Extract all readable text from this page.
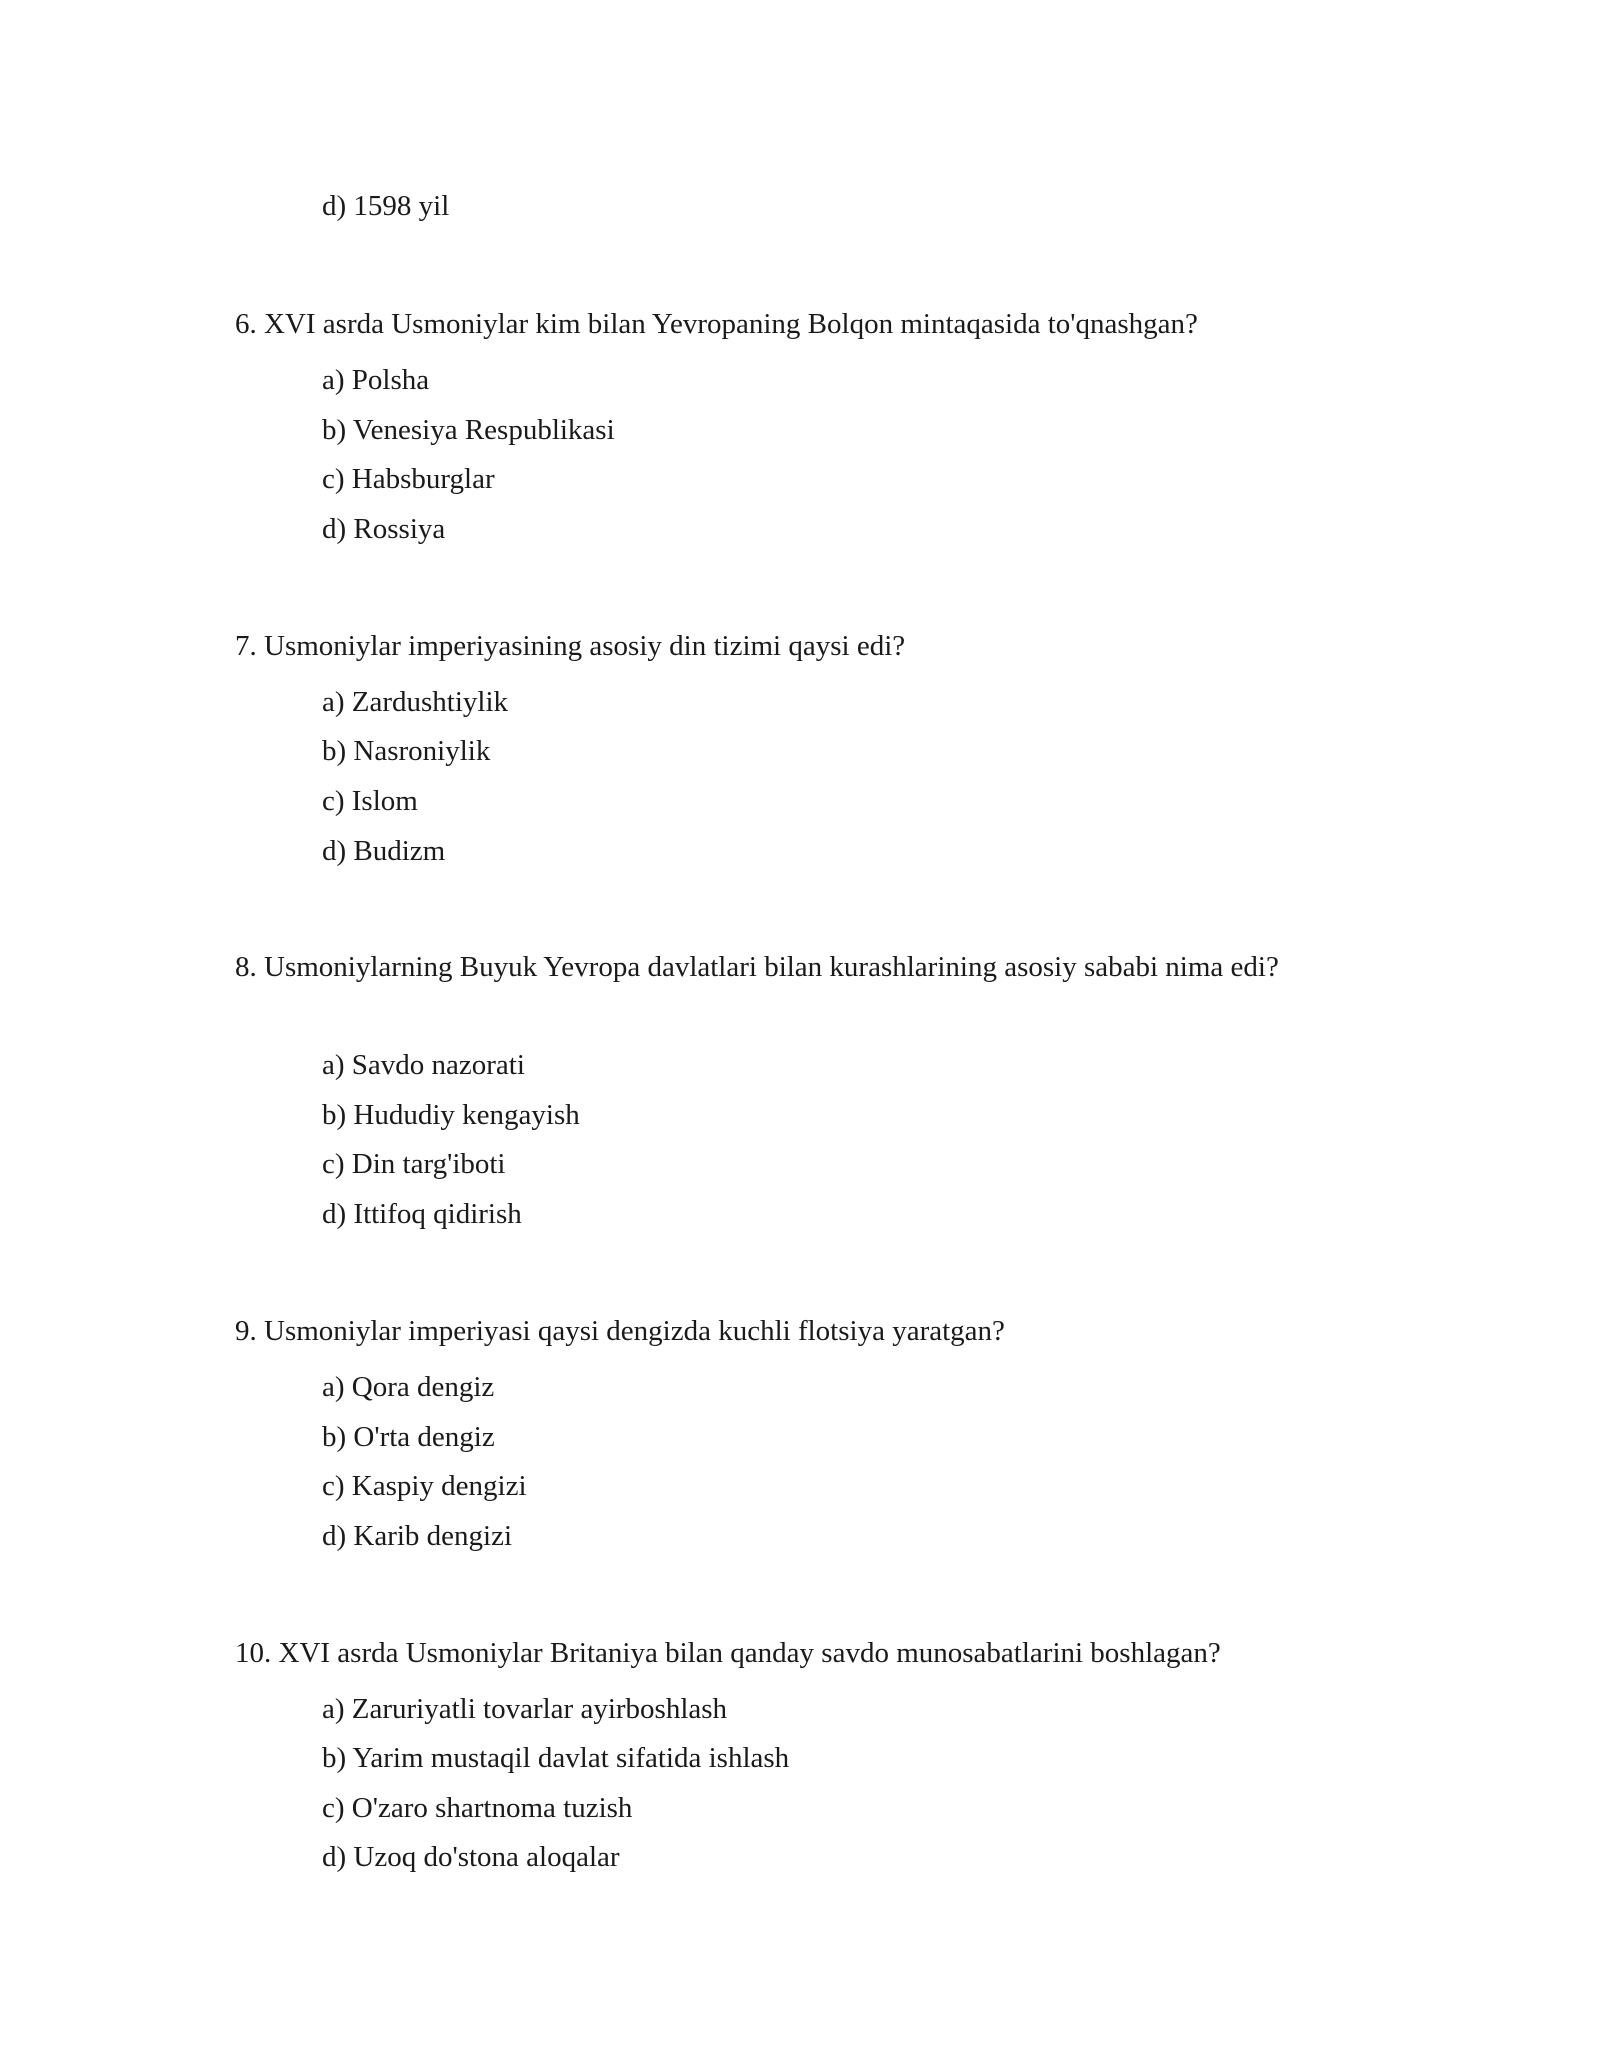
d) 1598 yil
6. XVI asrda Usmoniylar kim bilan Yevropaning Bolqon mintaqasida to'qnashgan?
a) Polsha
b) Venesiya Respublikasi
c) Habsburglar
d) Rossiya
7. Usmoniylar imperiyasining asosiy din tizimi qaysi edi?
a) Zardushtiylik
b) Nasroniylik
c) Islom
d) Budizm
8. Usmoniylarning Buyuk Yevropa davlatlari bilan kurashlarining asosiy sababi nima edi?
a) Savdo nazorati
b) Hududiy kengayish
c) Din targ'iboti
d) Ittifoq qidirish
9. Usmoniylar imperiyasi qaysi dengizda kuchli flotsiya yaratgan?
a) Qora dengiz
b) O'rta dengiz
c) Kaspiy dengizi
d) Karib dengizi
10. XVI asrda Usmoniylar Britaniya bilan qanday savdo munosabatlarini boshlagan?
a) Zaruriyatli tovarlar ayirboshlash
b) Yarim mustaqil davlat sifatida ishlash
c) O'zaro shartnoma tuzish
d) Uzoq do'stona aloqalar
